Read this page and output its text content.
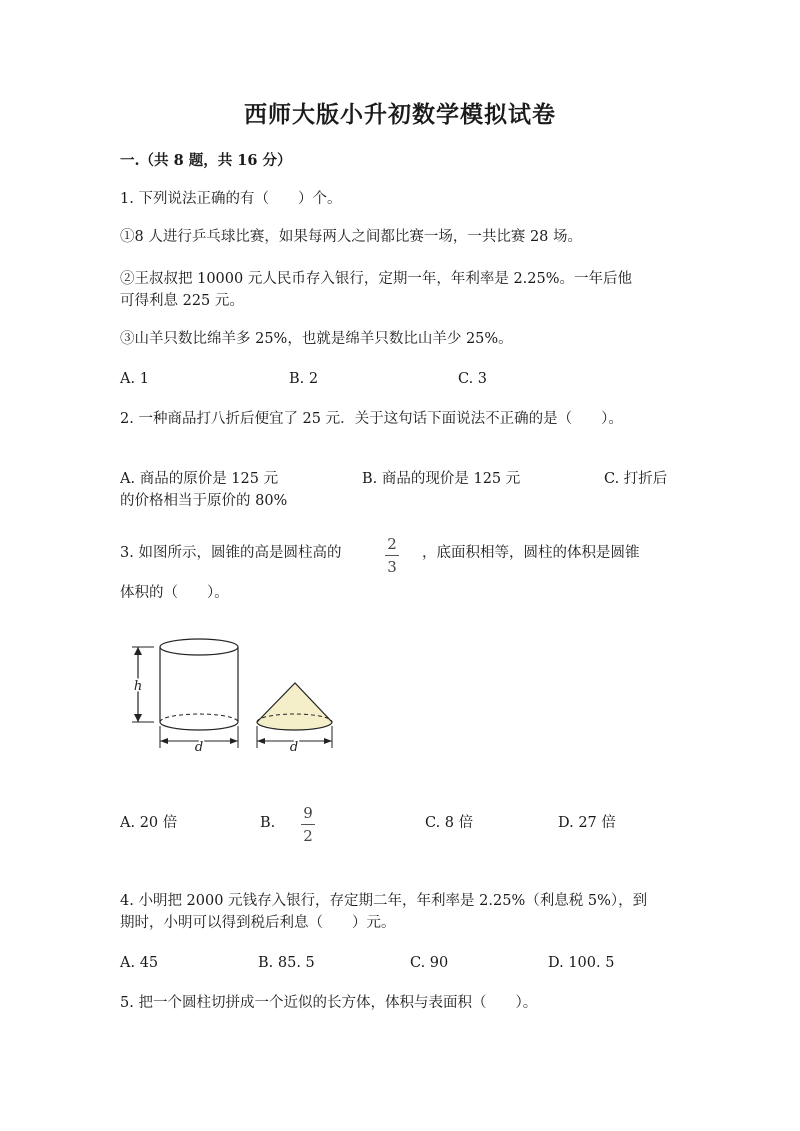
西师大版小升初数学模拟试卷
一.（共 8 题，共 16 分）
1. 下列说法正确的有（　　）个。
①8 人进行乒乓球比赛，如果每两人之间都比赛一场，一共比赛 28 场。
②王叔叔把 10000 元人民币存入银行，定期一年，年利率是 2.25%。一年后他
可得利息 225 元。
③山羊只数比绵羊多 25%，也就是绵羊只数比山羊少 25%。
A. 1	B. 2	C. 3
2. 一种商品打八折后便宜了 25 元．关于这句话下面说法不正确的是（　　）。
A. 商品的原价是 125 元	B. 商品的现价是 125 元	C. 打折后
的价格相当于原价的 80%
3. 如图所示，圆锥的高是圆柱高的	2
3
，底面积相等，圆柱的体积是圆锥
体积的（　　）。
h
d	d
A. 20 倍	B.
9
2
C. 8 倍	D. 27 倍
4. 小明把 2000 元钱存入银行，存定期二年，年利率是 2.25%（利息税 5%），到
期时，小明可以得到税后利息（　　）元。
A. 45	B. 85. 5	C. 90	D. 100. 5
5. 把一个圆柱切拼成一个近似的长方体，体积与表面积（　　）。
